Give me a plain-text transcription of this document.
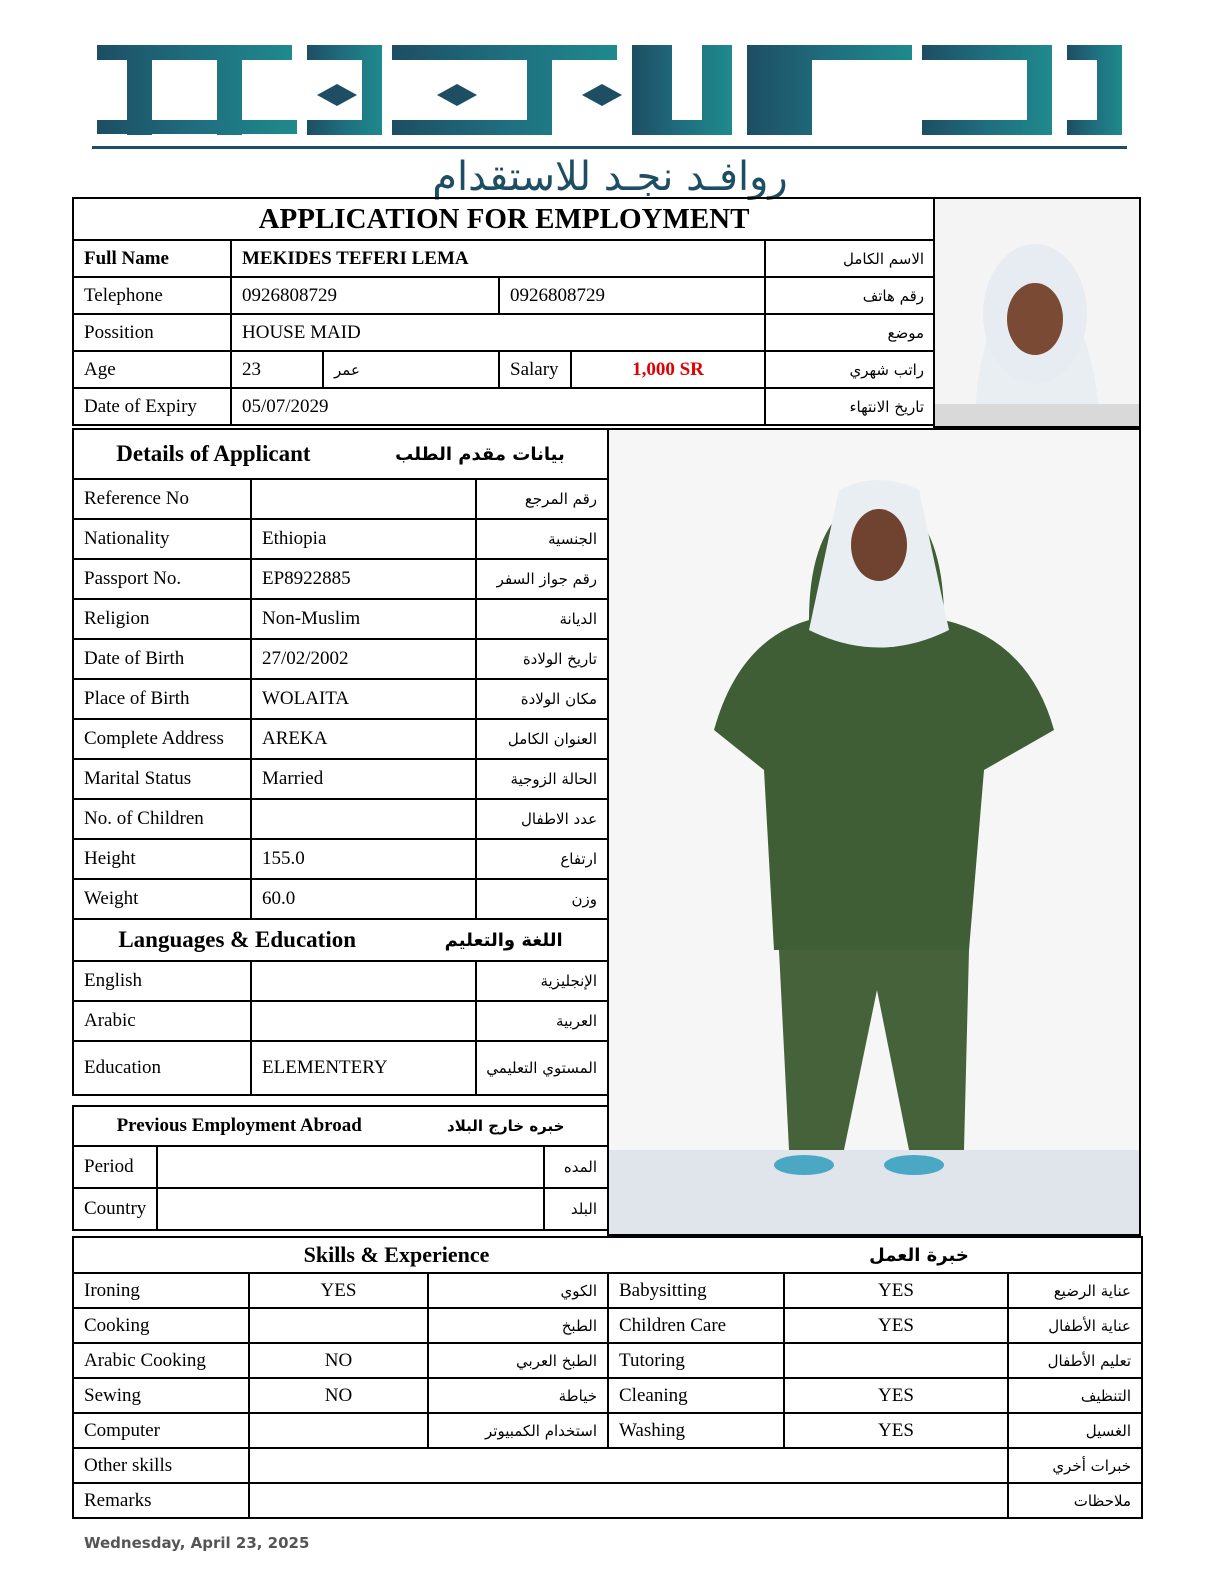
روافـد نجـد للاستقدام
APPLICATION FOR EMPLOYMENT					
Full Name	MEKIDES TEFERI LEMA				الاسم الكامل
Telephone	0926808729		0926808729		رقم هاتف
Possition	HOUSE MAID				موضع
Age	23	عمر	Salary	1,000 SR	راتب شهري
Date of Expiry	05/07/2029				تاريخ الانتهاء
Details of Applicant بيانات مقدم الطلب		

Reference No		رقم المرجع
Nationality	Ethiopia	الجنسية
Passport No.	EP8922885	رقم جواز السفر
Religion	Non-Muslim	الديانة
Date of Birth	27/02/2002	تاريخ الولادة
Place of Birth	WOLAITA	مكان الولادة
Complete Address	AREKA	العنوان الكامل
Marital Status	Married	الحالة الزوجية
No. of Children		عدد الاطفال
Height	155.0	ارتفاع
Weight	60.0	وزن

Languages & Education اللغة والتعليم		

English		الإنجليزية
Arabic		العربية
Education	ELEMENTERY	المستوي التعليمي
Previous Employment Abroad خبره خارج البلاد		

Period		المده
Country		البلد
Skills & Experience خبرة العمل					

Ironing	YES	الكوي	Babysitting	YES	عناية الرضيع
Cooking		الطبخ	Children Care	YES	عناية الأطفال
Arabic Cooking	NO	الطبخ العربي	Tutoring		تعليم الأطفال
Sewing	NO	خياطة	Cleaning	YES	التنظيف
Computer		استخدام الكمبيوتر	Washing	YES	الغسيل
Other skills					خبرات أخري
Remarks					ملاحظات
Wednesday, April 23, 2025
